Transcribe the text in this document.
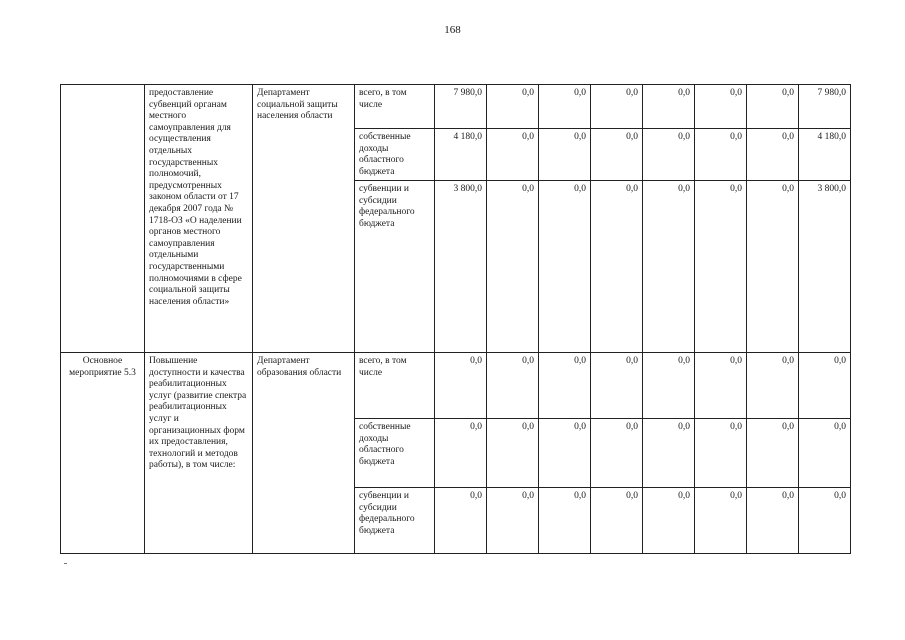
168
	предоставление субвенций органам местного самоуправления для осуществления отдельных государственных полномочий, предусмотренных законом области от 17 декабря 2007 года № 1718-ОЗ «О наделении органов местного самоуправления отдельными государственными полномочиями в сфере социальной защиты населения области»	Департамент социальной защиты населения области	всего, в том числе	7 980,0	0,0	0,0	0,0	0,0	0,0	0,0	7 980,0
			собственные доходы областного бюджета	4 180,0	0,0	0,0	0,0	0,0	0,0	0,0	4 180,0
			субвенции и субсидии федерального бюджета	3 800,0	0,0	0,0	0,0	0,0	0,0	0,0	3 800,0
Основное мероприятие 5.3	Повышение доступности и качества реабилитационных услуг (развитие спектра реабилитационных услуг и организационных форм их предоставления, технологий и методов работы), в том числе:	Департамент образования области	всего, в том числе	0,0	0,0	0,0	0,0	0,0	0,0	0,0	0,0
			собственные доходы областного бюджета	0,0	0,0	0,0	0,0	0,0	0,0	0,0	0,0
			субвенции и субсидии федерального бюджета	0,0	0,0	0,0	0,0	0,0	0,0	0,0	0,0
